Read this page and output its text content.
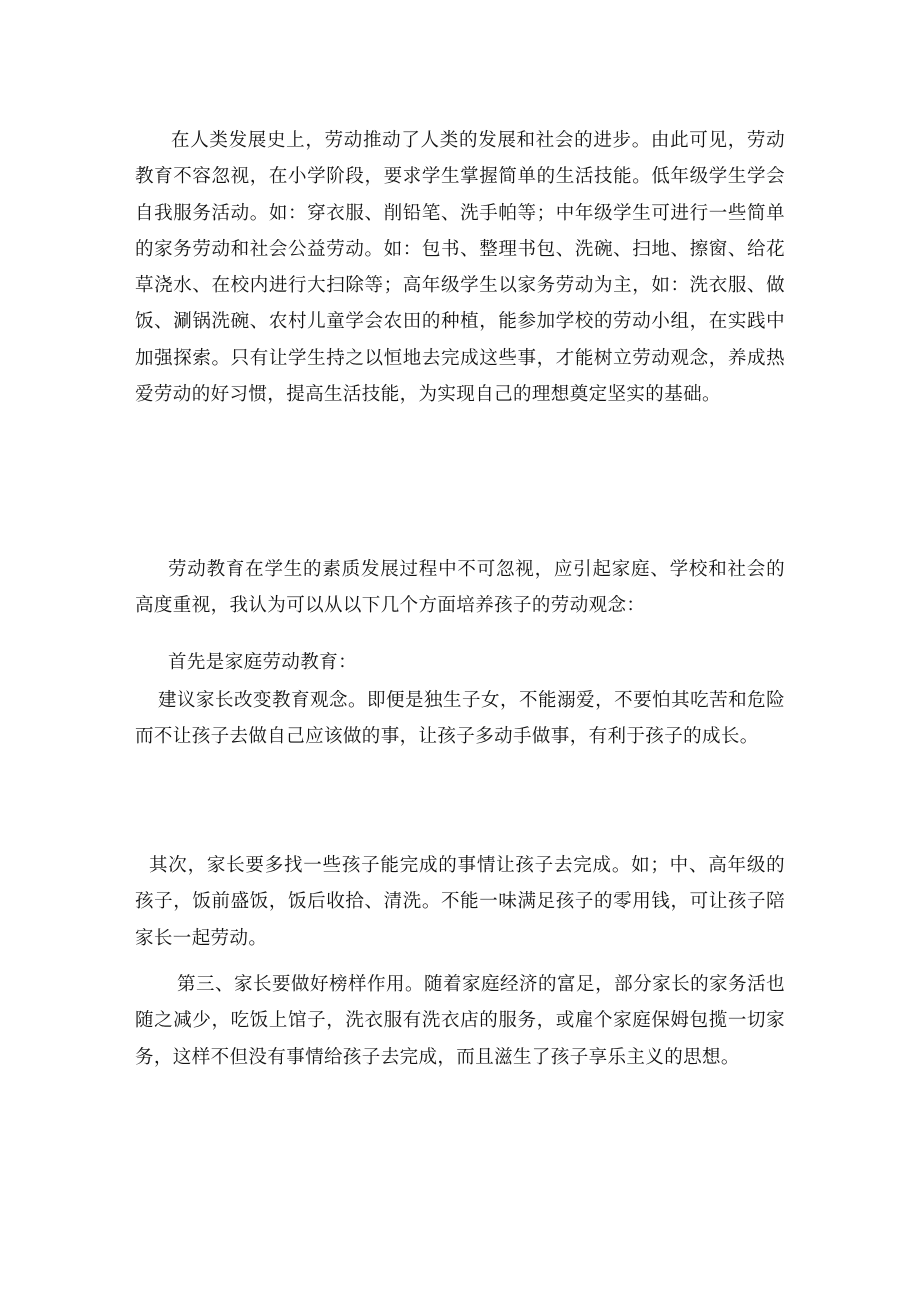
在人类发展史上，劳动推动了人类的发展和社会的进步。由此可见，劳动教育不容忽视，在小学阶段，要求学生掌握简单的生活技能。低年级学生学会自我服务活动。如：穿衣服、削铅笔、洗手帕等；中年级学生可进行一些简单的家务劳动和社会公益劳动。如：包书、整理书包、洗碗、扫地、擦窗、给花草浇水、在校内进行大扫除等；高年级学生以家务劳动为主，如：洗衣服、做饭、涮锅洗碗、农村儿童学会农田的种植，能参加学校的劳动小组，在实践中加强探索。只有让学生持之以恒地去完成这些事，才能树立劳动观念，养成热爱劳动的好习惯，提高生活技能，为实现自己的理想奠定坚实的基础。

劳动教育在学生的素质发展过程中不可忽视，应引起家庭、学校和社会的高度重视，我认为可以从以下几个方面培养孩子的劳动观念：

首先是家庭劳动教育：

建议家长改变教育观念。即便是独生子女，不能溺爱，不要怕其吃苦和危险而不让孩子去做自己应该做的事，让孩子多动手做事，有利于孩子的成长。

其次，家长要多找一些孩子能完成的事情让孩子去完成。如；中、高年级的孩子，饭前盛饭，饭后收拾、清洗。不能一味满足孩子的零用钱，可让孩子陪家长一起劳动。

第三、家长要做好榜样作用。随着家庭经济的富足，部分家长的家务活也随之减少，吃饭上馆子，洗衣服有洗衣店的服务，或雇个家庭保姆包揽一切家务，这样不但没有事情给孩子去完成，而且滋生了孩子享乐主义的思想。
